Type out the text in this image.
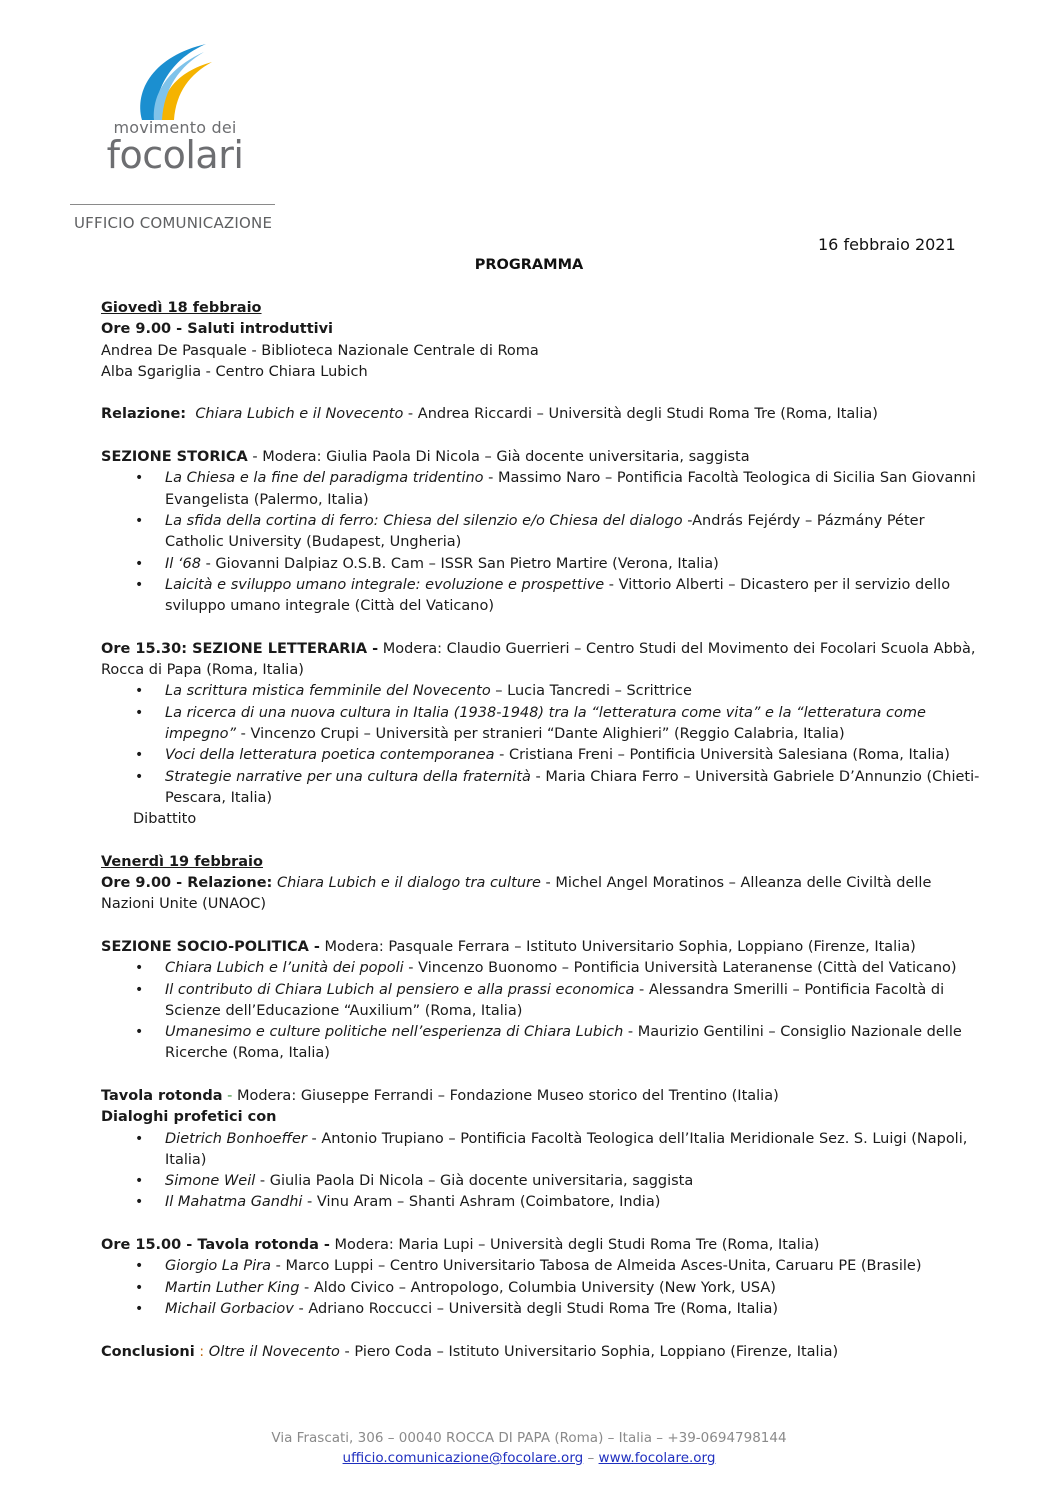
movimento dei
focolari
UFFICIO COMUNICAZIONE
16 febbraio 2021
PROGRAMMA

Giovedì 18 febbraio

Ore 9.00 - Saluti introduttivi

Andrea De Pasquale - Biblioteca Nazionale Centrale di Roma

Alba Sgariglia - Centro Chiara Lubich

Relazione: Chiara Lubich e il Novecento - Andrea Riccardi – Università degli Studi Roma Tre (Roma, Italia)

SEZIONE STORICA - Modera: Giulia Paola Di Nicola – Già docente universitaria, saggista

• La Chiesa e la fine del paradigma tridentino - Massimo Naro – Pontificia Facoltà Teologica di Sicilia San Giovanni Evangelista (Palermo, Italia)
• La sfida della cortina di ferro: Chiesa del silenzio e/o Chiesa del dialogo -András Fejérdy – Pázmány Péter Catholic University (Budapest, Ungheria)
• Il ‘68 - Giovanni Dalpiaz O.S.B. Cam – ISSR San Pietro Martire (Verona, Italia)
• Laicità e sviluppo umano integrale: evoluzione e prospettive - Vittorio Alberti – Dicastero per il servizio dello sviluppo umano integrale (Città del Vaticano)

Ore 15.30: SEZIONE LETTERARIA - Modera: Claudio Guerrieri – Centro Studi del Movimento dei Focolari Scuola Abbà, Rocca di Papa (Roma, Italia)

• La scrittura mistica femminile del Novecento – Lucia Tancredi – Scrittrice
• La ricerca di una nuova cultura in Italia (1938-1948) tra la “letteratura come vita” e la “letteratura come impegno” - Vincenzo Crupi – Università per stranieri “Dante Alighieri” (Reggio Calabria, Italia)
• Voci della letteratura poetica contemporanea - Cristiana Freni – Pontificia Università Salesiana (Roma, Italia)
• Strategie narrative per una cultura della fraternità - Maria Chiara Ferro – Università Gabriele D’Annunzio (Chieti-Pescara, Italia)

Dibattito

Venerdì 19 febbraio

Ore 9.00 - Relazione: Chiara Lubich e il dialogo tra culture - Michel Angel Moratinos – Alleanza delle Civiltà delle Nazioni Unite (UNAOC)

SEZIONE SOCIO-POLITICA - Modera: Pasquale Ferrara – Istituto Universitario Sophia, Loppiano (Firenze, Italia)

• Chiara Lubich e l’unità dei popoli - Vincenzo Buonomo – Pontificia Università Lateranense (Città del Vaticano)
• Il contributo di Chiara Lubich al pensiero e alla prassi economica - Alessandra Smerilli – Pontificia Facoltà di Scienze dell’Educazione “Auxilium” (Roma, Italia)
• Umanesimo e culture politiche nell’esperienza di Chiara Lubich - Maurizio Gentilini – Consiglio Nazionale delle Ricerche (Roma, Italia)

Tavola rotonda - Modera: Giuseppe Ferrandi – Fondazione Museo storico del Trentino (Italia)

Dialoghi profetici con

• Dietrich Bonhoeffer - Antonio Trupiano – Pontificia Facoltà Teologica dell’Italia Meridionale Sez. S. Luigi (Napoli, Italia)
• Simone Weil - Giulia Paola Di Nicola – Già docente universitaria, saggista
• Il Mahatma Gandhi - Vinu Aram – Shanti Ashram (Coimbatore, India)

Ore 15.00 - Tavola rotonda - Modera: Maria Lupi – Università degli Studi Roma Tre (Roma, Italia)

• Giorgio La Pira - Marco Luppi – Centro Universitario Tabosa de Almeida Asces-Unita, Caruaru PE (Brasile)
• Martin Luther King - Aldo Civico – Antropologo, Columbia University (New York, USA)
• Michail Gorbaciov - Adriano Roccucci – Università degli Studi Roma Tre (Roma, Italia)

Conclusioni : Oltre il Novecento - Piero Coda – Istituto Universitario Sophia, Loppiano (Firenze, Italia)

Via Frascati, 306 – 00040 ROCCA DI PAPA (Roma) – Italia – +39-0694798144
ufficio.comunicazione@focolare.org – www.focolare.org
